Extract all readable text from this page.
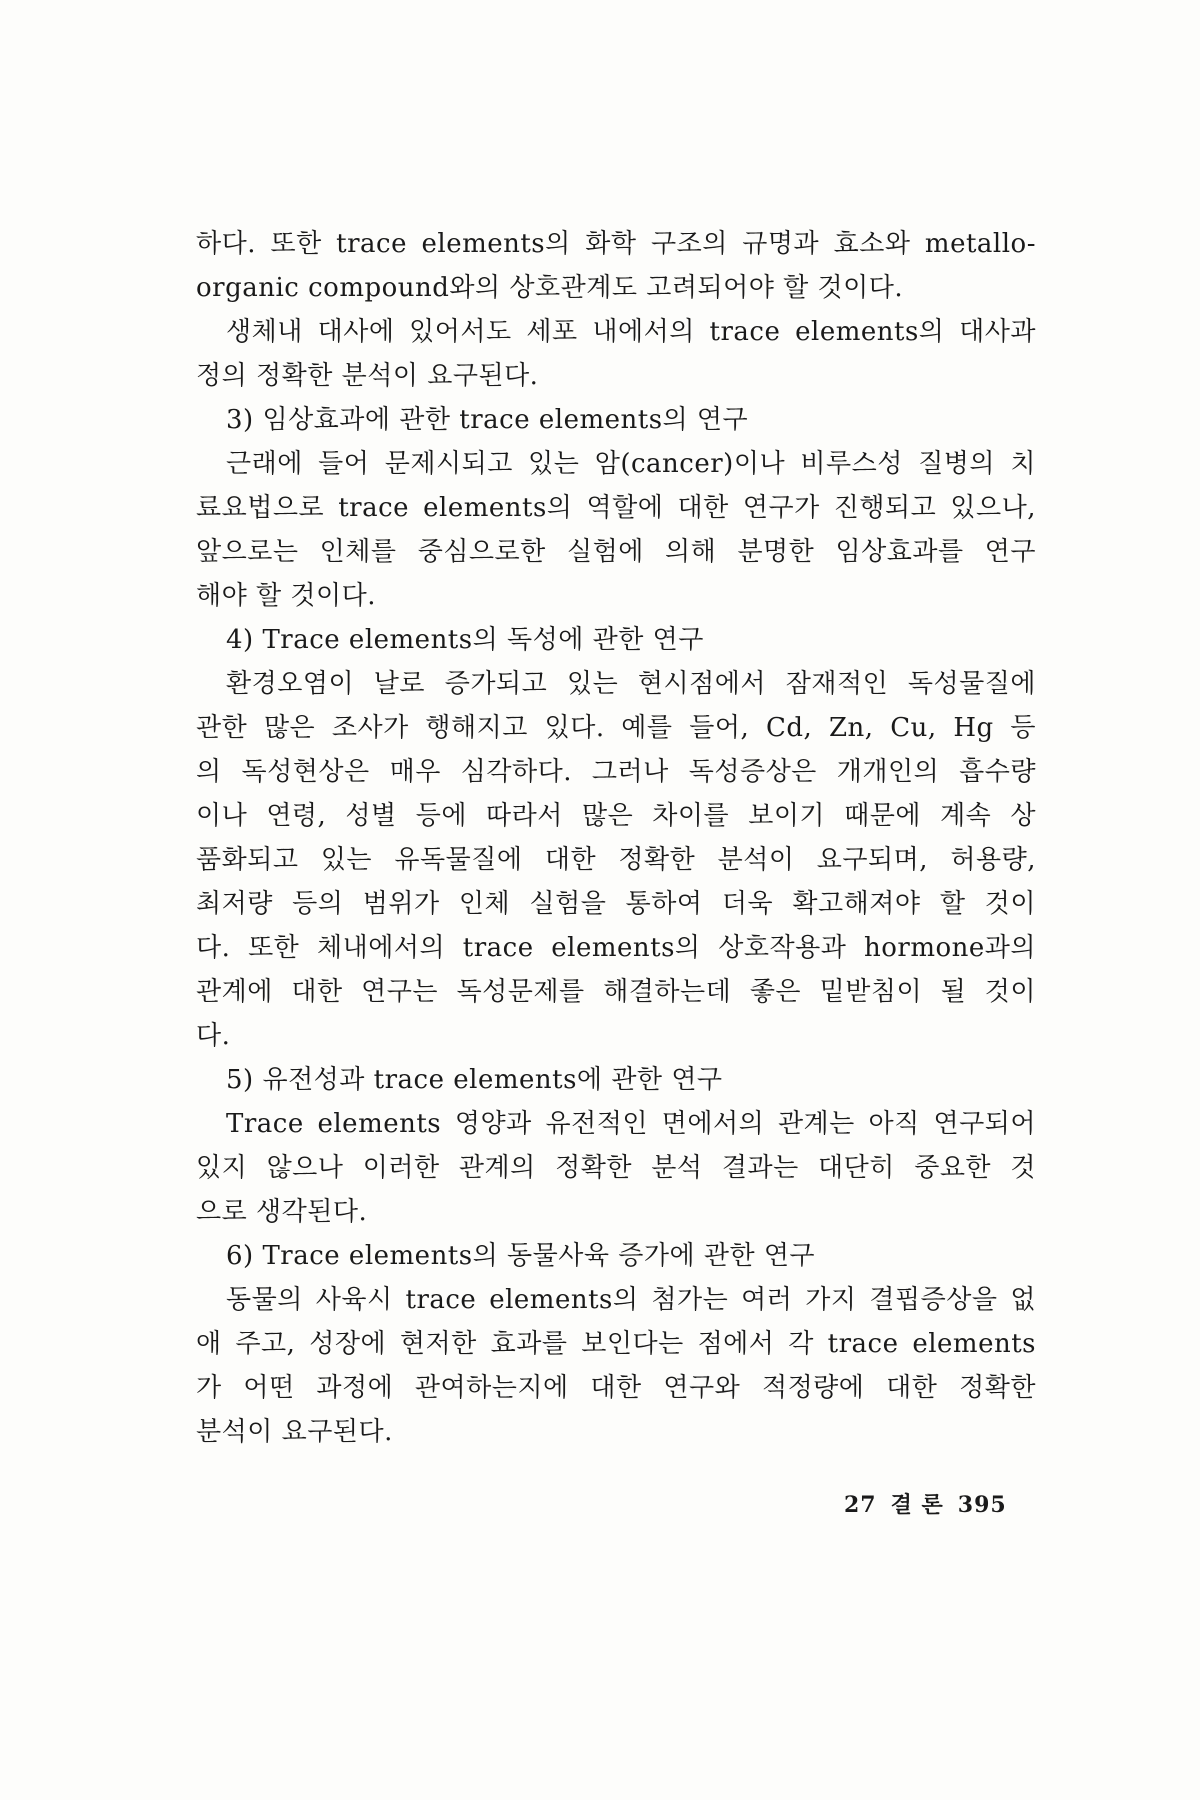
하다. 또한 trace elements의 화학 구조의 규명과 효소와 metallo-
organic compound와의 상호관계도 고려되어야 할 것이다.
생체내 대사에 있어서도 세포 내에서의 trace elements의 대사과
정의 정확한 분석이 요구된다.
3) 임상효과에 관한 trace elements의 연구
근래에 들어 문제시되고 있는 암(cancer)이나 비루스성 질병의 치
료요법으로 trace elements의 역할에 대한 연구가 진행되고 있으나,
앞으로는 인체를 중심으로한 실험에 의해 분명한 임상효과를 연구
해야 할 것이다.
4) Trace elements의 독성에 관한 연구
환경오염이 날로 증가되고 있는 현시점에서 잠재적인 독성물질에
관한 많은 조사가 행해지고 있다. 예를 들어, Cd, Zn, Cu, Hg 등
의 독성현상은 매우 심각하다. 그러나 독성증상은 개개인의 흡수량
이나 연령, 성별 등에 따라서 많은 차이를 보이기 때문에 계속 상
품화되고 있는 유독물질에 대한 정확한 분석이 요구되며, 허용량,
최저량 등의 범위가 인체 실험을 통하여 더욱 확고해져야 할 것이
다. 또한 체내에서의 trace elements의 상호작용과 hormone과의
관계에 대한 연구는 독성문제를 해결하는데 좋은 밑받침이 될 것이
다.
5) 유전성과 trace elements에 관한 연구
Trace elements 영양과 유전적인 면에서의 관계는 아직 연구되어
있지 않으나 이러한 관계의 정확한 분석 결과는 대단히 중요한 것
으로 생각된다.
6) Trace elements의 동물사육 증가에 관한 연구
동물의 사육시 trace elements의 첨가는 여러 가지 결핍증상을 없
애 주고, 성장에 현저한 효과를 보인다는 점에서 각 trace elements
가 어떤 과정에 관여하는지에 대한 연구와 적정량에 대한 정확한
분석이 요구된다.
27 결 론 395
